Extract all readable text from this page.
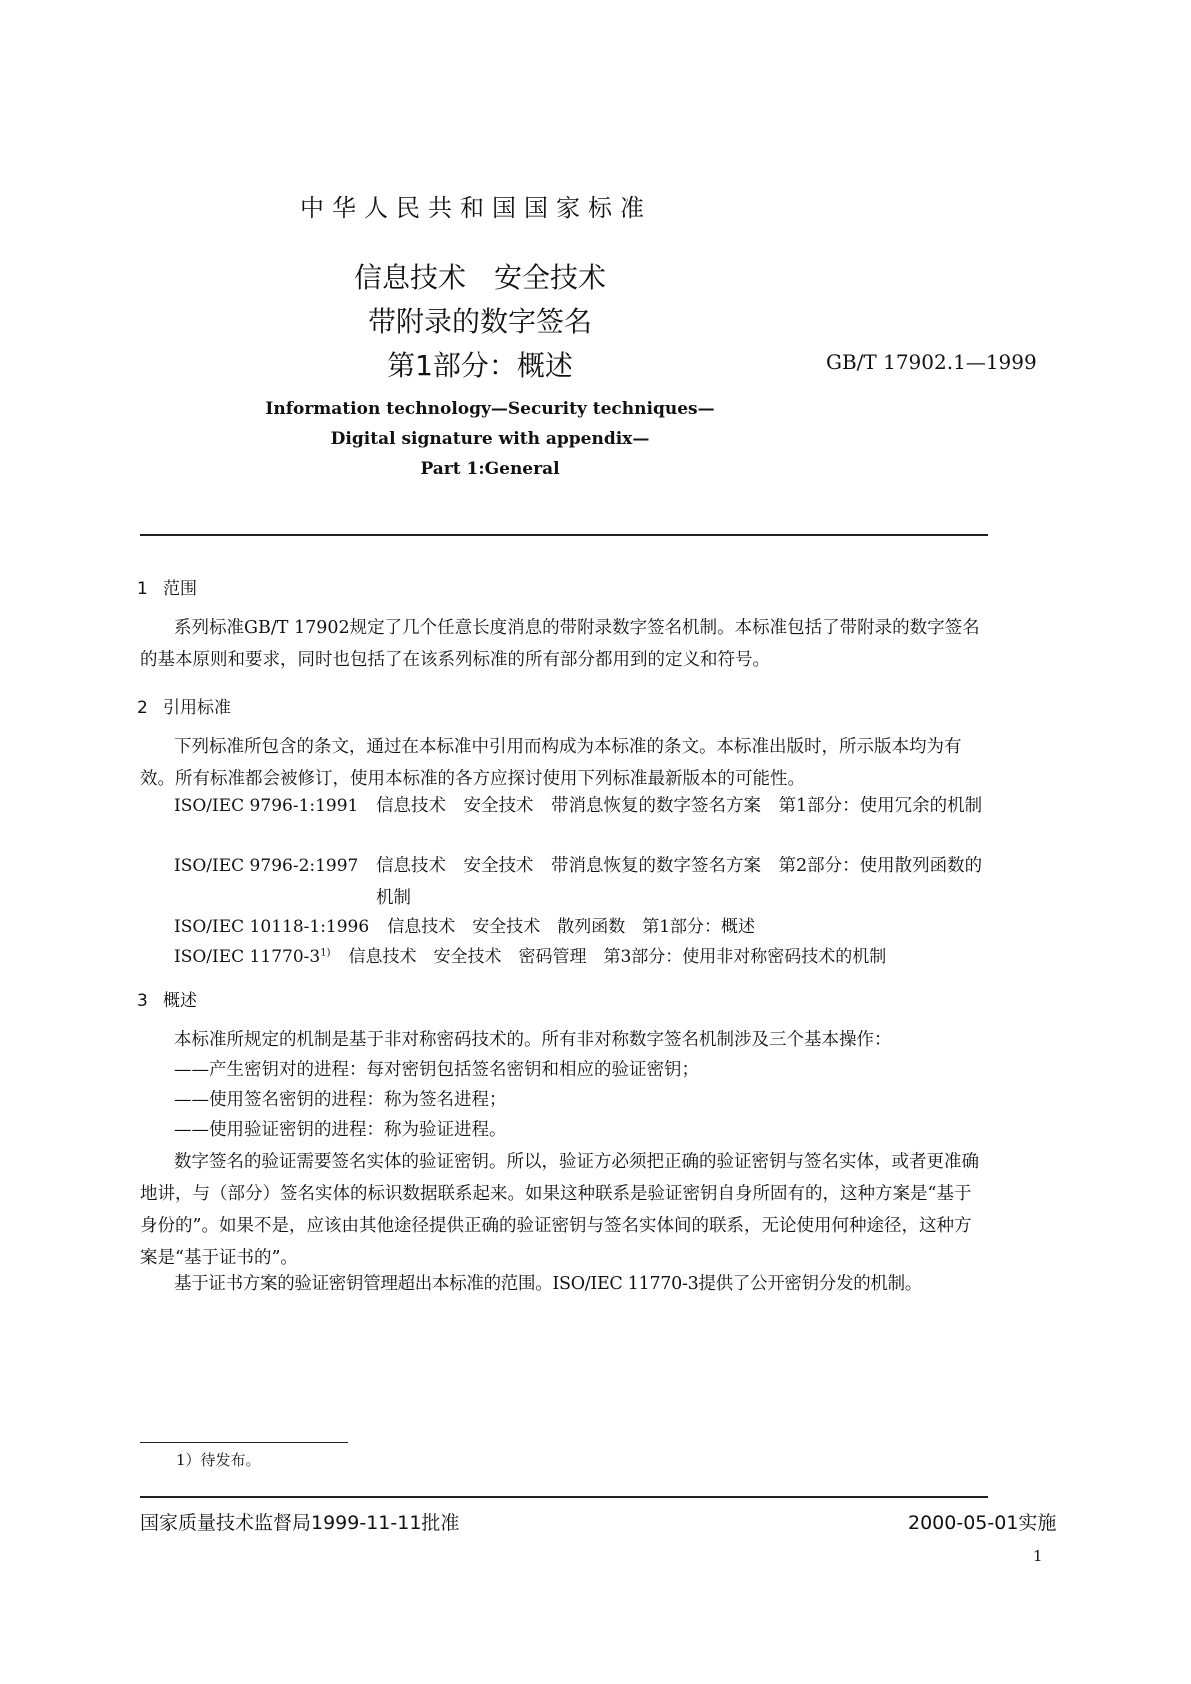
中华人民共和国国家标准
信息技术　安全技术
带附录的数字签名
第1部分：概述	GB/T 17902.1—1999
Information technology—Security techniques—
Digital signature with appendix—
Part 1:General
1 范围
系列标准GB/T 17902规定了几个任意长度消息的带附录数字签名机制。本标准包括了带附录的数字签名的基本原则和要求，同时也包括了在该系列标准的所有部分都用到的定义和符号。
2 引用标准
下列标准所包含的条文，通过在本标准中引用而构成为本标准的条文。本标准出版时，所示版本均为有效。所有标准都会被修订，使用本标准的各方应探讨使用下列标准最新版本的可能性。
ISO/IEC 9796-1:1991	信息技术　安全技术　带消息恢复的数字签名方案　第1部分：使用冗余的机制
ISO/IEC 9796-2:1997	信息技术　安全技术　带消息恢复的数字签名方案　第2部分：使用散列函数的机制
ISO/IEC 10118-1:1996 信息技术　安全技术　散列函数　第1部分：概述
ISO/IEC 11770-3$^{1)}$ 信息技术　安全技术　密码管理　第3部分：使用非对称密码技术的机制
3 概述
本标准所规定的机制是基于非对称密码技术的。所有非对称数字签名机制涉及三个基本操作：
——产生密钥对的进程：每对密钥包括签名密钥和相应的验证密钥；
——使用签名密钥的进程：称为签名进程；
——使用验证密钥的进程：称为验证进程。
数字签名的验证需要签名实体的验证密钥。所以，验证方必须把正确的验证密钥与签名实体，或者更准确地讲，与（部分）签名实体的标识数据联系起来。如果这种联系是验证密钥自身所固有的，这种方案是“基于身份的”。如果不是，应该由其他途径提供正确的验证密钥与签名实体间的联系，无论使用何种途径，这种方案是“基于证书的”。
基于证书方案的验证密钥管理超出本标准的范围。ISO/IEC 11770-3提供了公开密钥分发的机制。
1）待发布。
国家质量技术监督局1999-11-11批准	2000-05-01实施
1
